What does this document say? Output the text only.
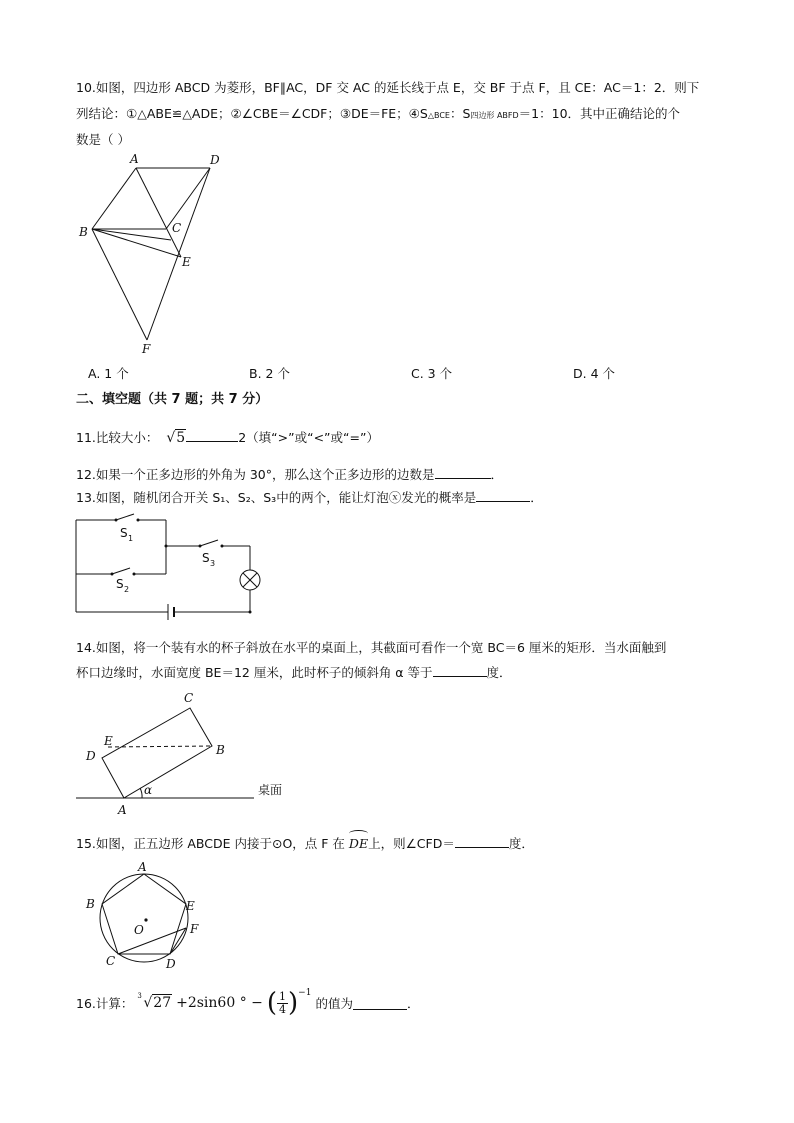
10.如图，四边形 ABCD 为菱形，BF∥AC，DF 交 AC 的延长线于点 E，交 BF 于点 F，且 CE：AC＝1：2．则下
列结论：①△ABE≌△ADE；②∠CBE＝∠CDF；③DE＝FE；④S△BCE：S四边形 ABFD＝1：10．其中正确结论的个
数是（ ）
A	D
B	C
E
F
A. 1 个	B. 2 个	C. 3 个	D. 4 个
二、填空题（共 7 题；共 7 分）
11.比较大小： √5	2（填“>”或“<”或“=”）
12.如果一个正多边形的外角为 30°，那么这个正多边形的边数是	．
13.如图，随机闭合开关 S₁、S₂、S₃中的两个，能让灯泡ⓧ发光的概率是	．
S 1
S 2
S 3
14.如图，将一个装有水的杯子斜放在水平的桌面上，其截面可看作一个宽 BC＝6 厘米的矩形．当水面触到
杯口边缘时，水面宽度 BE＝12 厘米，此时杯子的倾斜角 α 等于	度．
C
E
B
D
α
A
桌面
15.如图，正五边形 ABCDE 内接于⊙O，点 F 在 DE上，则∠CFD＝	度．
A
B	E
F
O
C	D
16.计算： 3 √27 +2sin60 ° − ( $\frac{1}{4} )^{-1}$ 的值为	．
